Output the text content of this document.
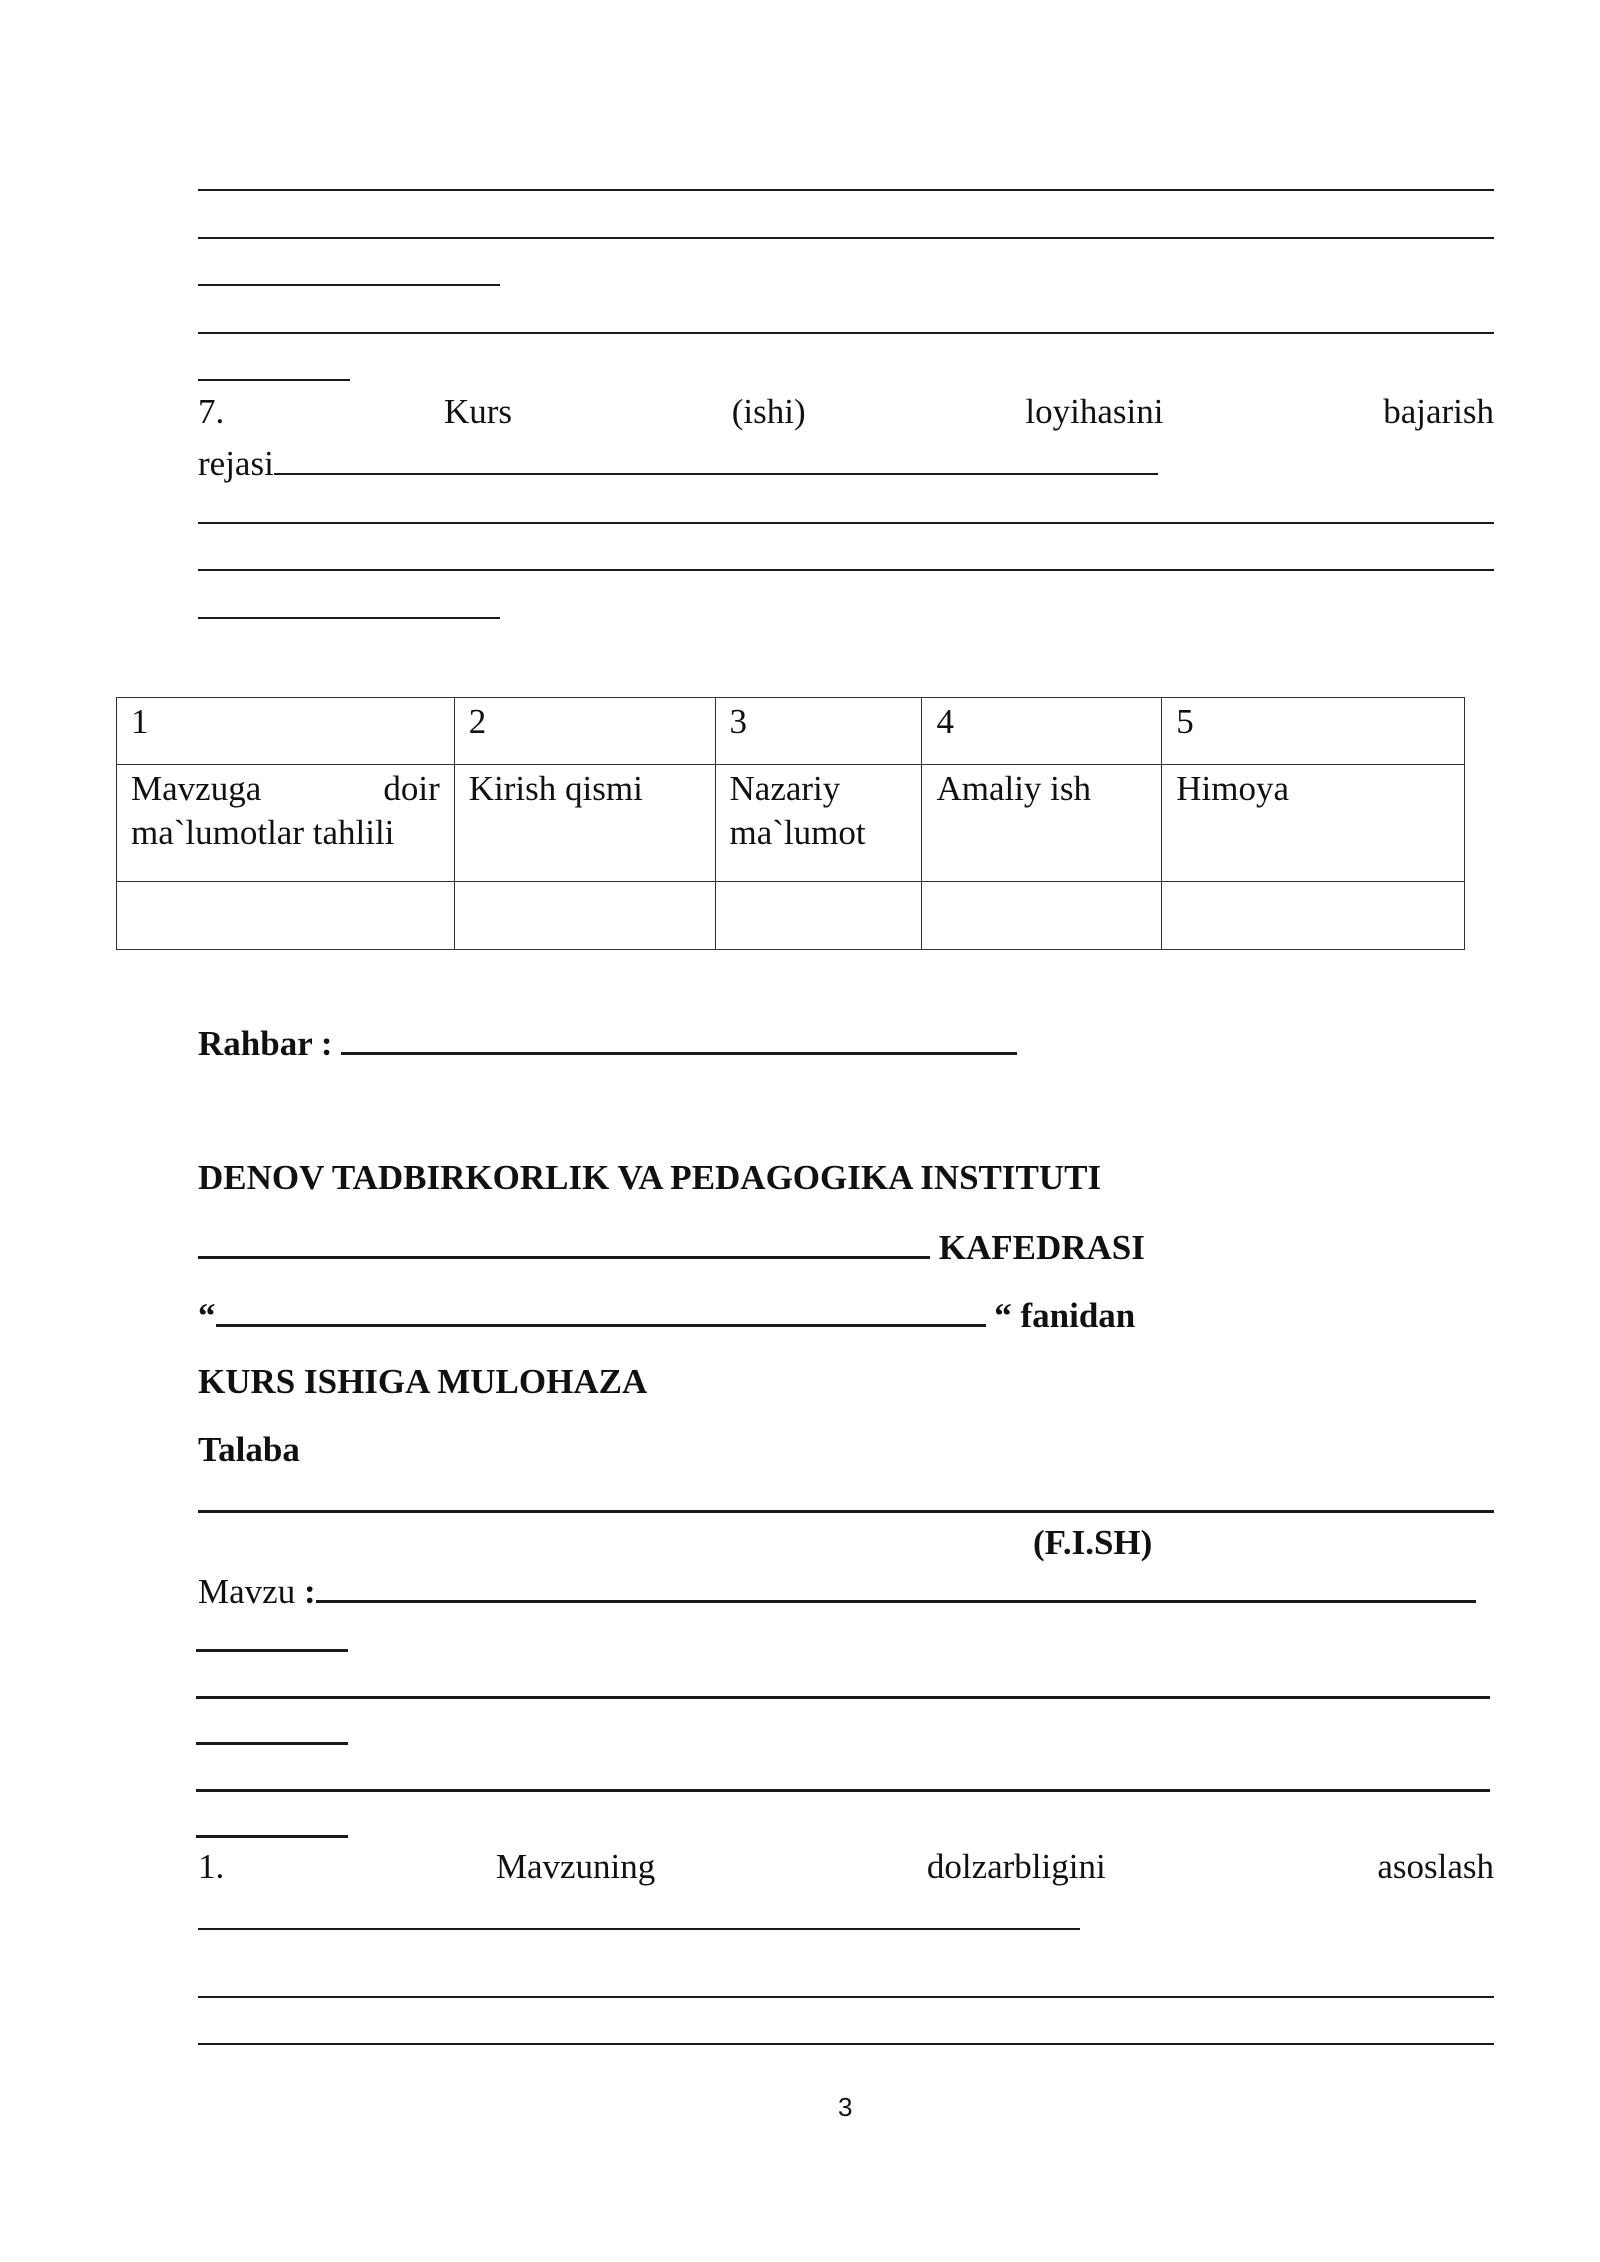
7.	Kurs	(ishi)	loyihasini	bajarish
rejasi
1	2	3	4	5
Mavzuga doir ma`lumotlar tahlili	Kirish qismi	Nazariy ma`lumot	Amaliy ish	Himoya

Rahbar :
DENOV TADBIRKORLIK VA PEDAGOGIKA INSTITUTI
KAFEDRASI
“	“ fanidan
KURS ISHIGA MULOHAZA
Talaba
(F.I.SH)
Mavzu :
1.	Mavzuning	dolzarbligini	asoslash
3
